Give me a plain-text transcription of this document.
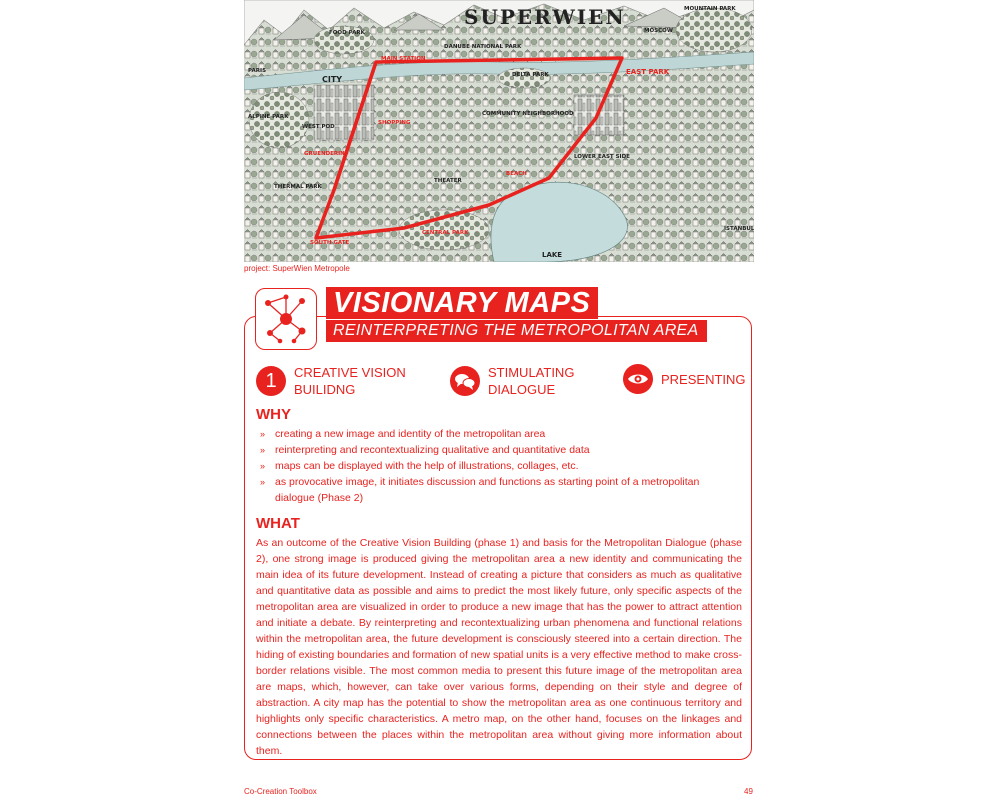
SUPERWIEN	MOUNTAIN PARK
FOOD PARK
DANUBE NATIONAL PARK
MAIN STATION
DELTA PARK	EAST PARK
CITY
PARIS
ALPINE PARK
WEST POD
COMMUNITY NEIGHBORHOOD
GRUENDERIN
THERMAL PARK
LOWER EAST SIDE
BEACH
THEATER
SOUTH GATE
CENTRAL PARK
LAKE
ISTANBUL
MOSCOW
SHOPPING
project: SuperWien Metropole
VISIONARY MAPS
REINTERPRETING THE METROPOLITAN AREA
1	CREATIVE VISION
BUILIDNG
STIMULATING
DIALOGUE
PRESENTING
WHY
» creating a new image and identity of the metropolitan area
» reinterpreting and recontextualizing qualitative and quantitative data
» maps can be displayed with the help of illustrations, collages, etc.
» as provocative image, it initiates discussion and functions as starting point of a metropolitan dialogue (Phase 2)
WHAT
As an outcome of the Creative Vision Building (phase 1) and basis for the Metropolitan Dialogue (phase 2), one strong image is produced giving the metropolitan area a new identity and communicating the main idea of its future development. Instead of creating a picture that considers as much as qualitative and quantitative data as possible and aims to predict the most likely future, only specific aspects of the metropolitan area are visualized in order to produce a new image that has the power to attract attention and initiate a debate. By reinterpreting and recontextualizing urban phenomena and functional relations within the metropolitan area, the future development is consciously steered into a certain direction. The hiding of existing boundaries and formation of new spatial units is a very effective method to make cross-border relations visible. The most common media to present this future image of the metropolitan area are maps, which, however, can take over various forms, depending on their style and degree of abstraction. A city map has the potential to show the metropolitan area as one continuous territory and highlights only specific characteristics. A metro map, on the other hand, focuses on the linkages and connections between the places within the metropolitan area without giving more information about them.
Co-Creation Toolbox	49
